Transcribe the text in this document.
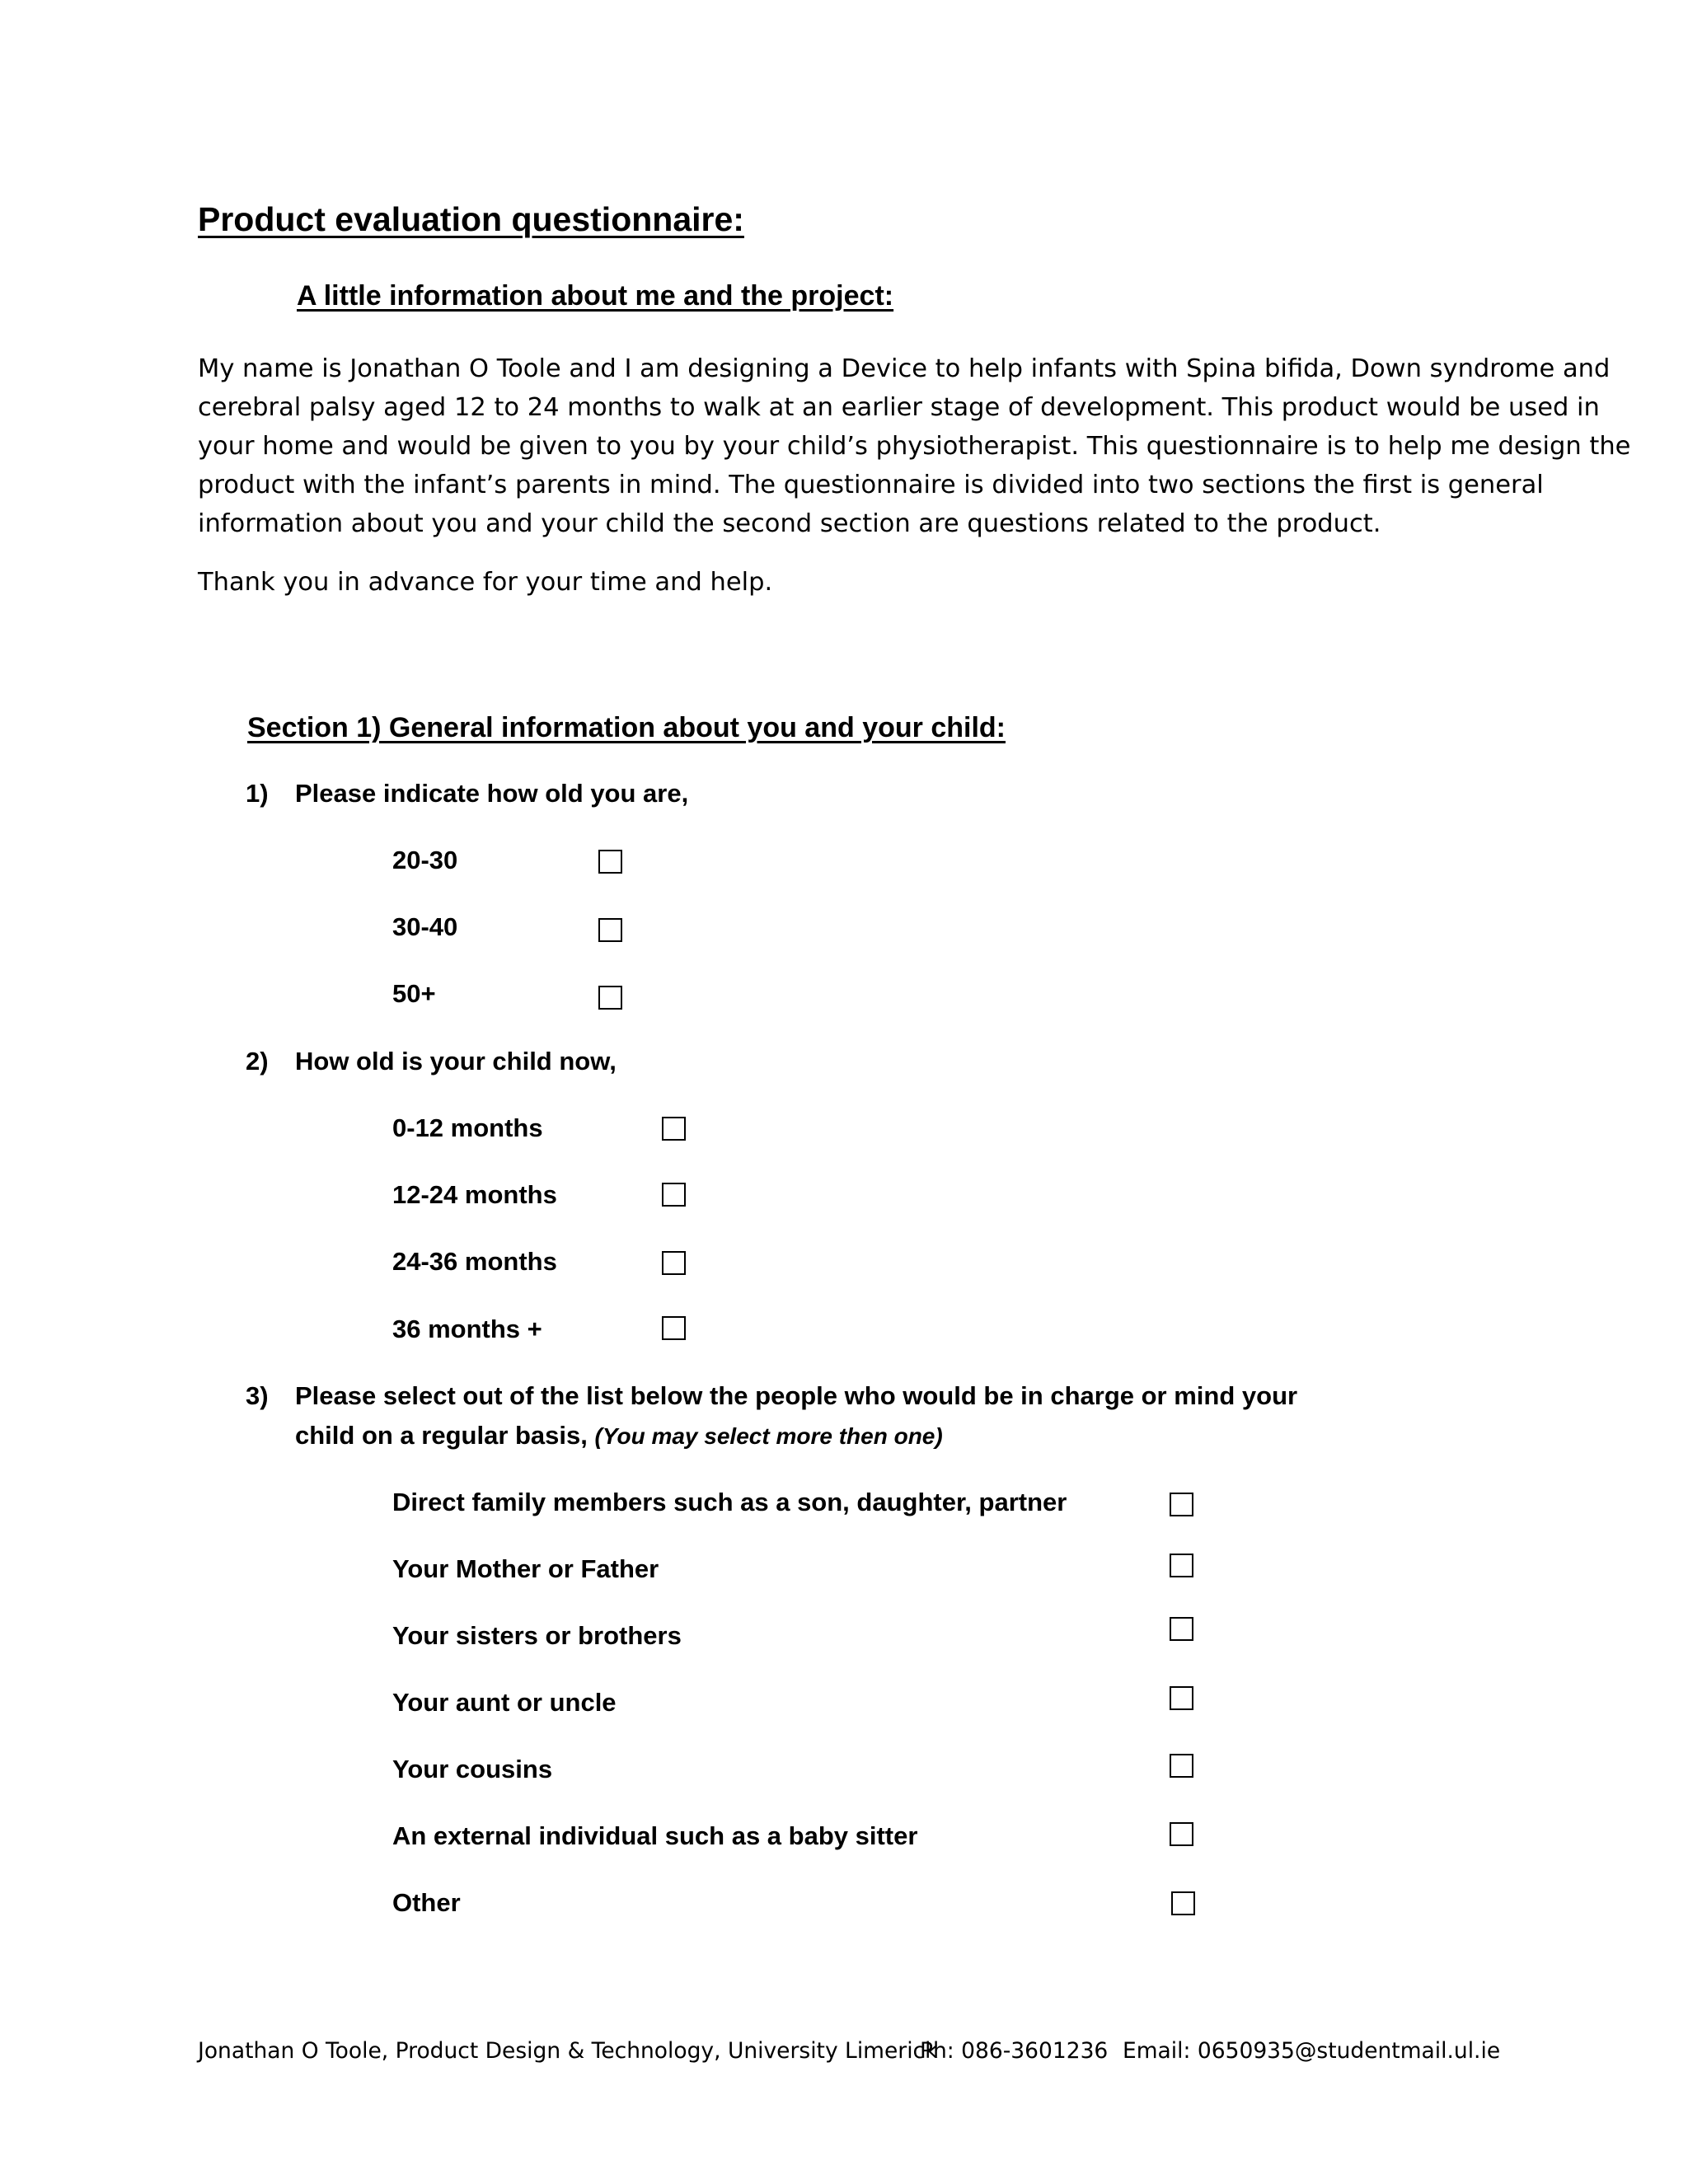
Product evaluation questionnaire:
A little information about me and the project:
My name is Jonathan O Toole and I am designing a Device to help infants with Spina bifida, Down syndrome and
cerebral palsy aged 12 to 24 months to walk at an earlier stage of development. This product would be used in
your home and would be given to you by your child’s physiotherapist. This questionnaire is to help me design the
product with the infant’s parents in mind. The questionnaire is divided into two sections the first is general
information about you and your child the second section are questions related to the product.
Thank you in advance for your time and help.
Section 1) General information about you and your child:
1) Please indicate how old you are,
20-30
30-40
50+
2) How old is your child now,
0-12 months
12-24 months
24-36 months
36 months +
3) Please select out of the list below the people who would be in charge or mind your
child on a regular basis, (You may select more then one)
Direct family members such as a son, daughter, partner
Your Mother or Father
Your sisters or brothers
Your aunt or uncle
Your cousins
An external individual such as a baby sitter
Other
Jonathan O Toole, Product Design & Technology, University Limerick
Ph: 086-3601236 Email: 0650935@studentmail.ul.ie
